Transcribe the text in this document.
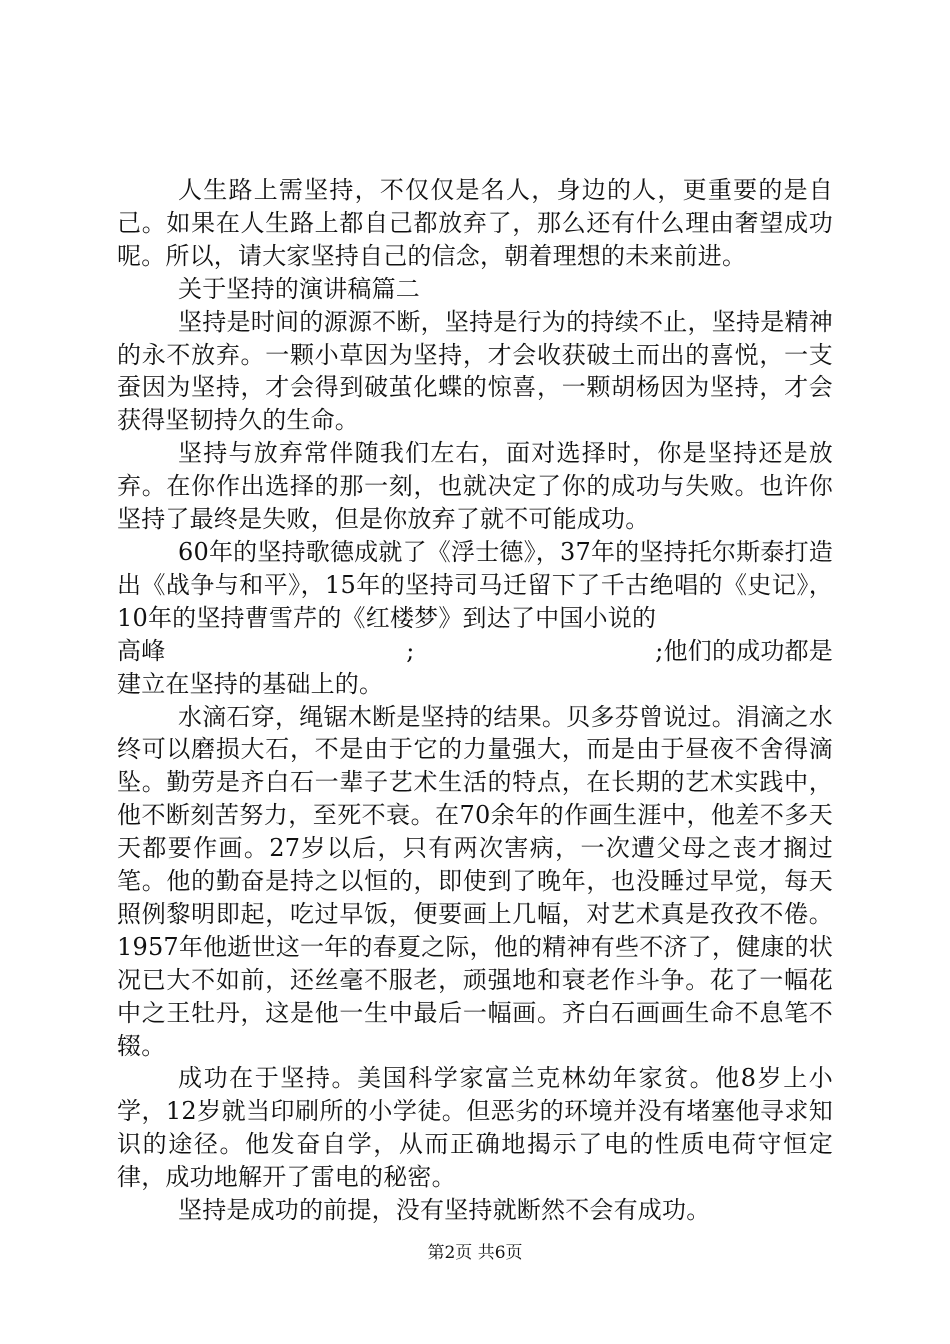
人生路上需坚持，不仅仅是名人，身边的人，更重要的是自己。如果在人生路上都自己都放弃了，那么还有什么理由奢望成功呢。所以，请大家坚持自己的信念，朝着理想的未来前进。

关于坚持的演讲稿篇二

坚持是时间的源源不断，坚持是行为的持续不止，坚持是精神的永不放弃。一颗小草因为坚持，才会收获破土而出的喜悦，一支蚕因为坚持，才会得到破茧化蝶的惊喜，一颗胡杨因为坚持，才会获得坚韧持久的生命。

坚持与放弃常伴随我们左右，面对选择时，你是坚持还是放弃。在你作出选择的那一刻，也就决定了你的成功与失败。也许你坚持了最终是失败，但是你放弃了就不可能成功。

60年的坚持歌德成就了《浮士德》，37年的坚持托尔斯泰打造出《战争与和平》，15年的坚持司马迁留下了千古绝唱的《史记》，10年的坚持曹雪芹的《红楼梦》到达了中国小说的
高峰	;	;他们的成功都是
建立在坚持的基础上的。

水滴石穿，绳锯木断是坚持的结果。贝多芬曾说过。涓滴之水终可以磨损大石，不是由于它的力量强大，而是由于昼夜不舍得滴坠。勤劳是齐白石一辈子艺术生活的特点，在长期的艺术实践中，他不断刻苦努力，至死不衰。在70余年的作画生涯中，他差不多天天都要作画。27岁以后，只有两次害病，一次遭父母之丧才搁过笔。他的勤奋是持之以恒的，即使到了晚年，也没睡过早觉，每天照例黎明即起，吃过早饭，便要画上几幅，对艺术真是孜孜不倦。1957年他逝世这一年的春夏之际，他的精神有些不济了，健康的状况已大不如前，还丝毫不服老，顽强地和衰老作斗争。花了一幅花中之王牡丹，这是他一生中最后一幅画。齐白石画画生命不息笔不辍。

成功在于坚持。美国科学家富兰克林幼年家贫。他8岁上小学，12岁就当印刷所的小学徒。但恶劣的环境并没有堵塞他寻求知识的途径。他发奋自学，从而正确地揭示了电的性质电荷守恒定律，成功地解开了雷电的秘密。

坚持是成功的前提，没有坚持就断然不会有成功。

第2页 共6页
